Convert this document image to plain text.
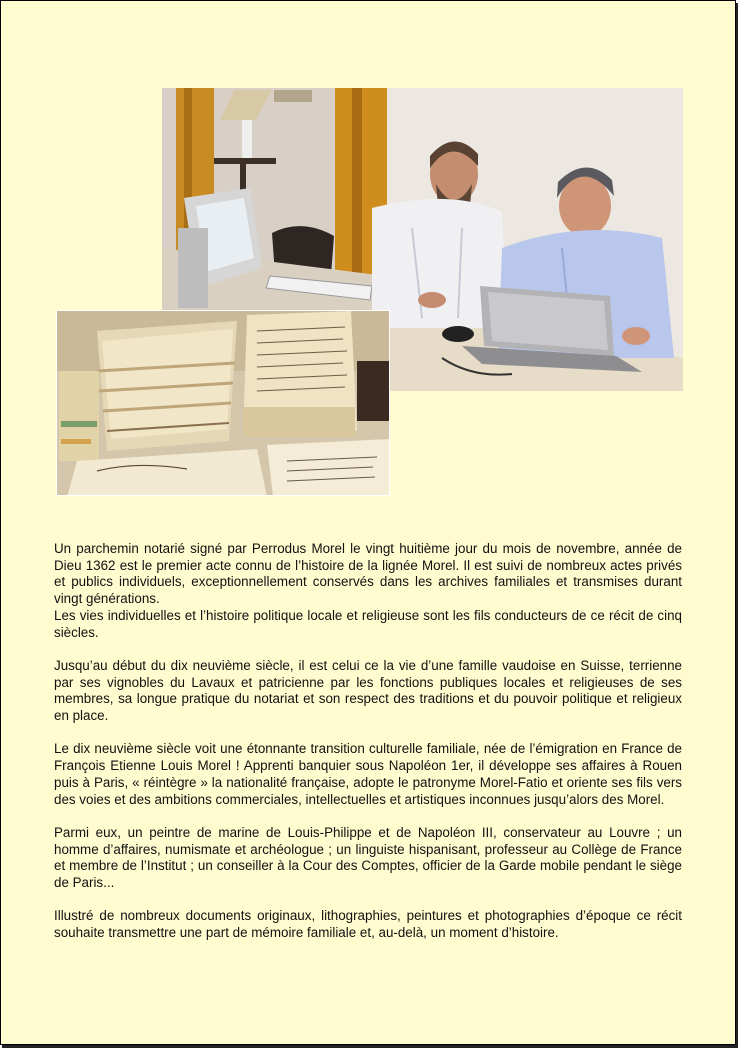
Un parchemin notarié signé par Perrodus Morel le vingt huitième jour du mois de novembre, année de Dieu 1362 est le premier acte connu de l’histoire de la lignée Morel. Il est suivi de nombreux actes privés et publics individuels, exceptionnellement conservés dans les archives familiales et transmises durant vingt générations.

Les vies individuelles et l’histoire politique locale et religieuse sont les fils conducteurs de ce récit de cinq siècles.

Jusqu’au début du dix neuvième siècle, il est celui ce la vie d’une famille vaudoise en Suisse, terrienne par ses vignobles du Lavaux et patricienne par les fonctions publiques locales et religieuses de ses membres, sa longue pratique du notariat et son respect des traditions et du pouvoir politique et religieux en place.

Le dix neuvième siècle voit une étonnante transition culturelle familiale, née de l’émigration en France de François Etienne Louis Morel ! Apprenti banquier sous Napoléon 1er, il développe ses affaires à Rouen puis à Paris, « réintègre » la nationalité française, adopte le patronyme Morel-Fatio et oriente ses fils vers des voies et des ambitions commerciales, intellectuelles et artistiques inconnues jusqu’alors des Morel.

Parmi eux, un peintre de marine de Louis-Philippe et de Napoléon III, conservateur au Louvre ; un homme d’affaires, numismate et archéologue ; un linguiste hispanisant, professeur au Collège de France et membre de l’Institut ; un conseiller à la Cour des Comptes, officier de la Garde mobile pendant le siège de Paris...

Illustré de nombreux documents originaux, lithographies, peintures et photographies d’époque ce récit souhaite transmettre une part de mémoire familiale et, au-delà, un moment d’histoire.
